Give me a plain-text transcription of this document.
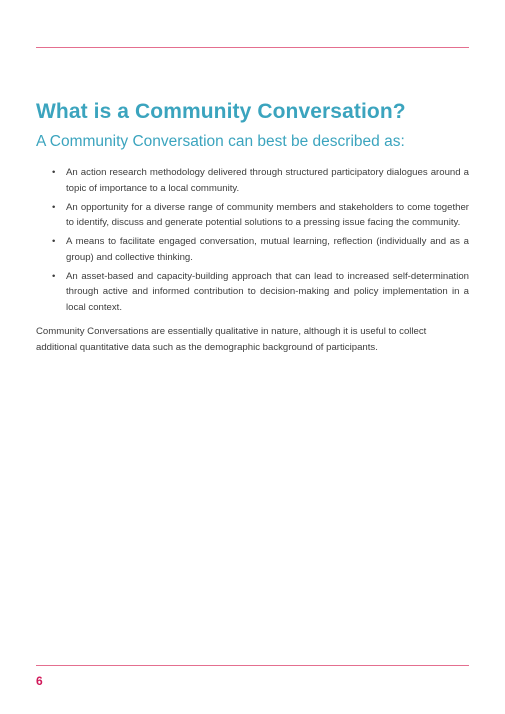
What is a Community Conversation?
A Community Conversation can best be described as:
• An action research methodology delivered through structured participatory dialogues around a topic of importance to a local community.
• An opportunity for a diverse range of community members and stakeholders to come together to identify, discuss and generate potential solutions to a pressing issue facing the community.
• A means to facilitate engaged conversation, mutual learning, reflection (individually and as a group) and collective thinking.
• An asset-based and capacity-building approach that can lead to increased self-determination through active and informed contribution to decision-making and policy implementation in a local context.

Community Conversations are essentially qualitative in nature, although it is useful to collect additional quantitative data such as the demographic background of participants.

6
